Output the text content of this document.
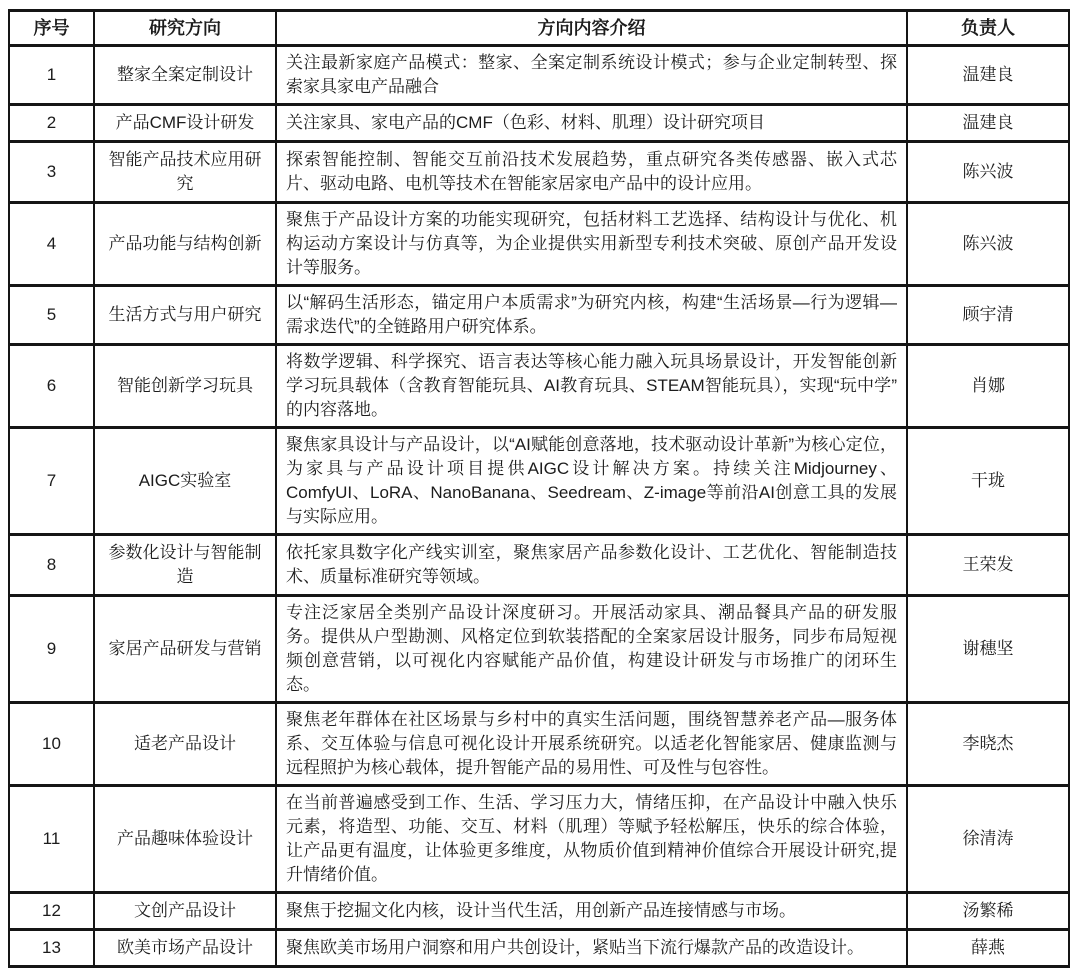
序号	研究方向	方向内容介绍	负责人
1	整家全案定制设计	关注最新家庭产品模式：整家、全案定制系统设计模式；参与企业定制转型、探索家具家电产品融合	温建良
2	产品CMF设计研发	关注家具、家电产品的CMF（色彩、材料、肌理）设计研究项目	温建良
3	智能产品技术应用研究	探索智能控制、智能交互前沿技术发展趋势，重点研究各类传感器、嵌入式芯片、驱动电路、电机等技术在智能家居家电产品中的设计应用。	陈兴波
4	产品功能与结构创新	聚焦于产品设计方案的功能实现研究，包括材料工艺选择、结构设计与优化、机构运动方案设计与仿真等，为企业提供实用新型专利技术突破、原创产品开发设计等服务。	陈兴波
5	生活方式与用户研究	以“解码生活形态，锚定用户本质需求”为研究内核，构建“生活场景—行为逻辑—需求迭代”的全链路用户研究体系。	顾宇清
6	智能创新学习玩具	将数学逻辑、科学探究、语言表达等核心能力融入玩具场景设计，开发智能创新学习玩具载体（含教育智能玩具、AI教育玩具、STEAM智能玩具），实现“玩中学”的内容落地。	肖娜
7	AIGC实验室	聚焦家具设计与产品设计，以“AI赋能创意落地，技术驱动设计革新”为核心定位，为家具与产品设计项目提供AIGC设计解决方案。持续关注Midjourney、ComfyUI、LoRA、NanoBanana、Seedream、Z-image等前沿AI创意工具的发展与实际应用。	干珑
8	参数化设计与智能制造	依托家具数字化产线实训室，聚焦家居产品参数化设计、工艺优化、智能制造技术、质量标准研究等领域。	王荣发
9	家居产品研发与营销	专注泛家居全类别产品设计深度研习。开展活动家具、潮品餐具产品的研发服务。提供从户型勘测、风格定位到软装搭配的全案家居设计服务，同步布局短视频创意营销，以可视化内容赋能产品价值，构建设计研发与市场推广的闭环生态。	谢穗坚
10	适老产品设计	聚焦老年群体在社区场景与乡村中的真实生活问题，围绕智慧养老产品—服务体系、交互体验与信息可视化设计开展系统研究。以适老化智能家居、健康监测与远程照护为核心载体，提升智能产品的易用性、可及性与包容性。	李晓杰
11	产品趣味体验设计	在当前普遍感受到工作、生活、学习压力大，情绪压抑，在产品设计中融入快乐元素，将造型、功能、交互、材料（肌理）等赋予轻松解压，快乐的综合体验，让产品更有温度，让体验更多维度，从物质价值到精神价值综合开展设计研究,提升情绪价值。	徐清涛
12	文创产品设计	聚焦于挖掘文化内核，设计当代生活，用创新产品连接情感与市场。	汤繁稀
13	欧美市场产品设计	聚焦欧美市场用户洞察和用户共创设计，紧贴当下流行爆款产品的改造设计。	薛燕
